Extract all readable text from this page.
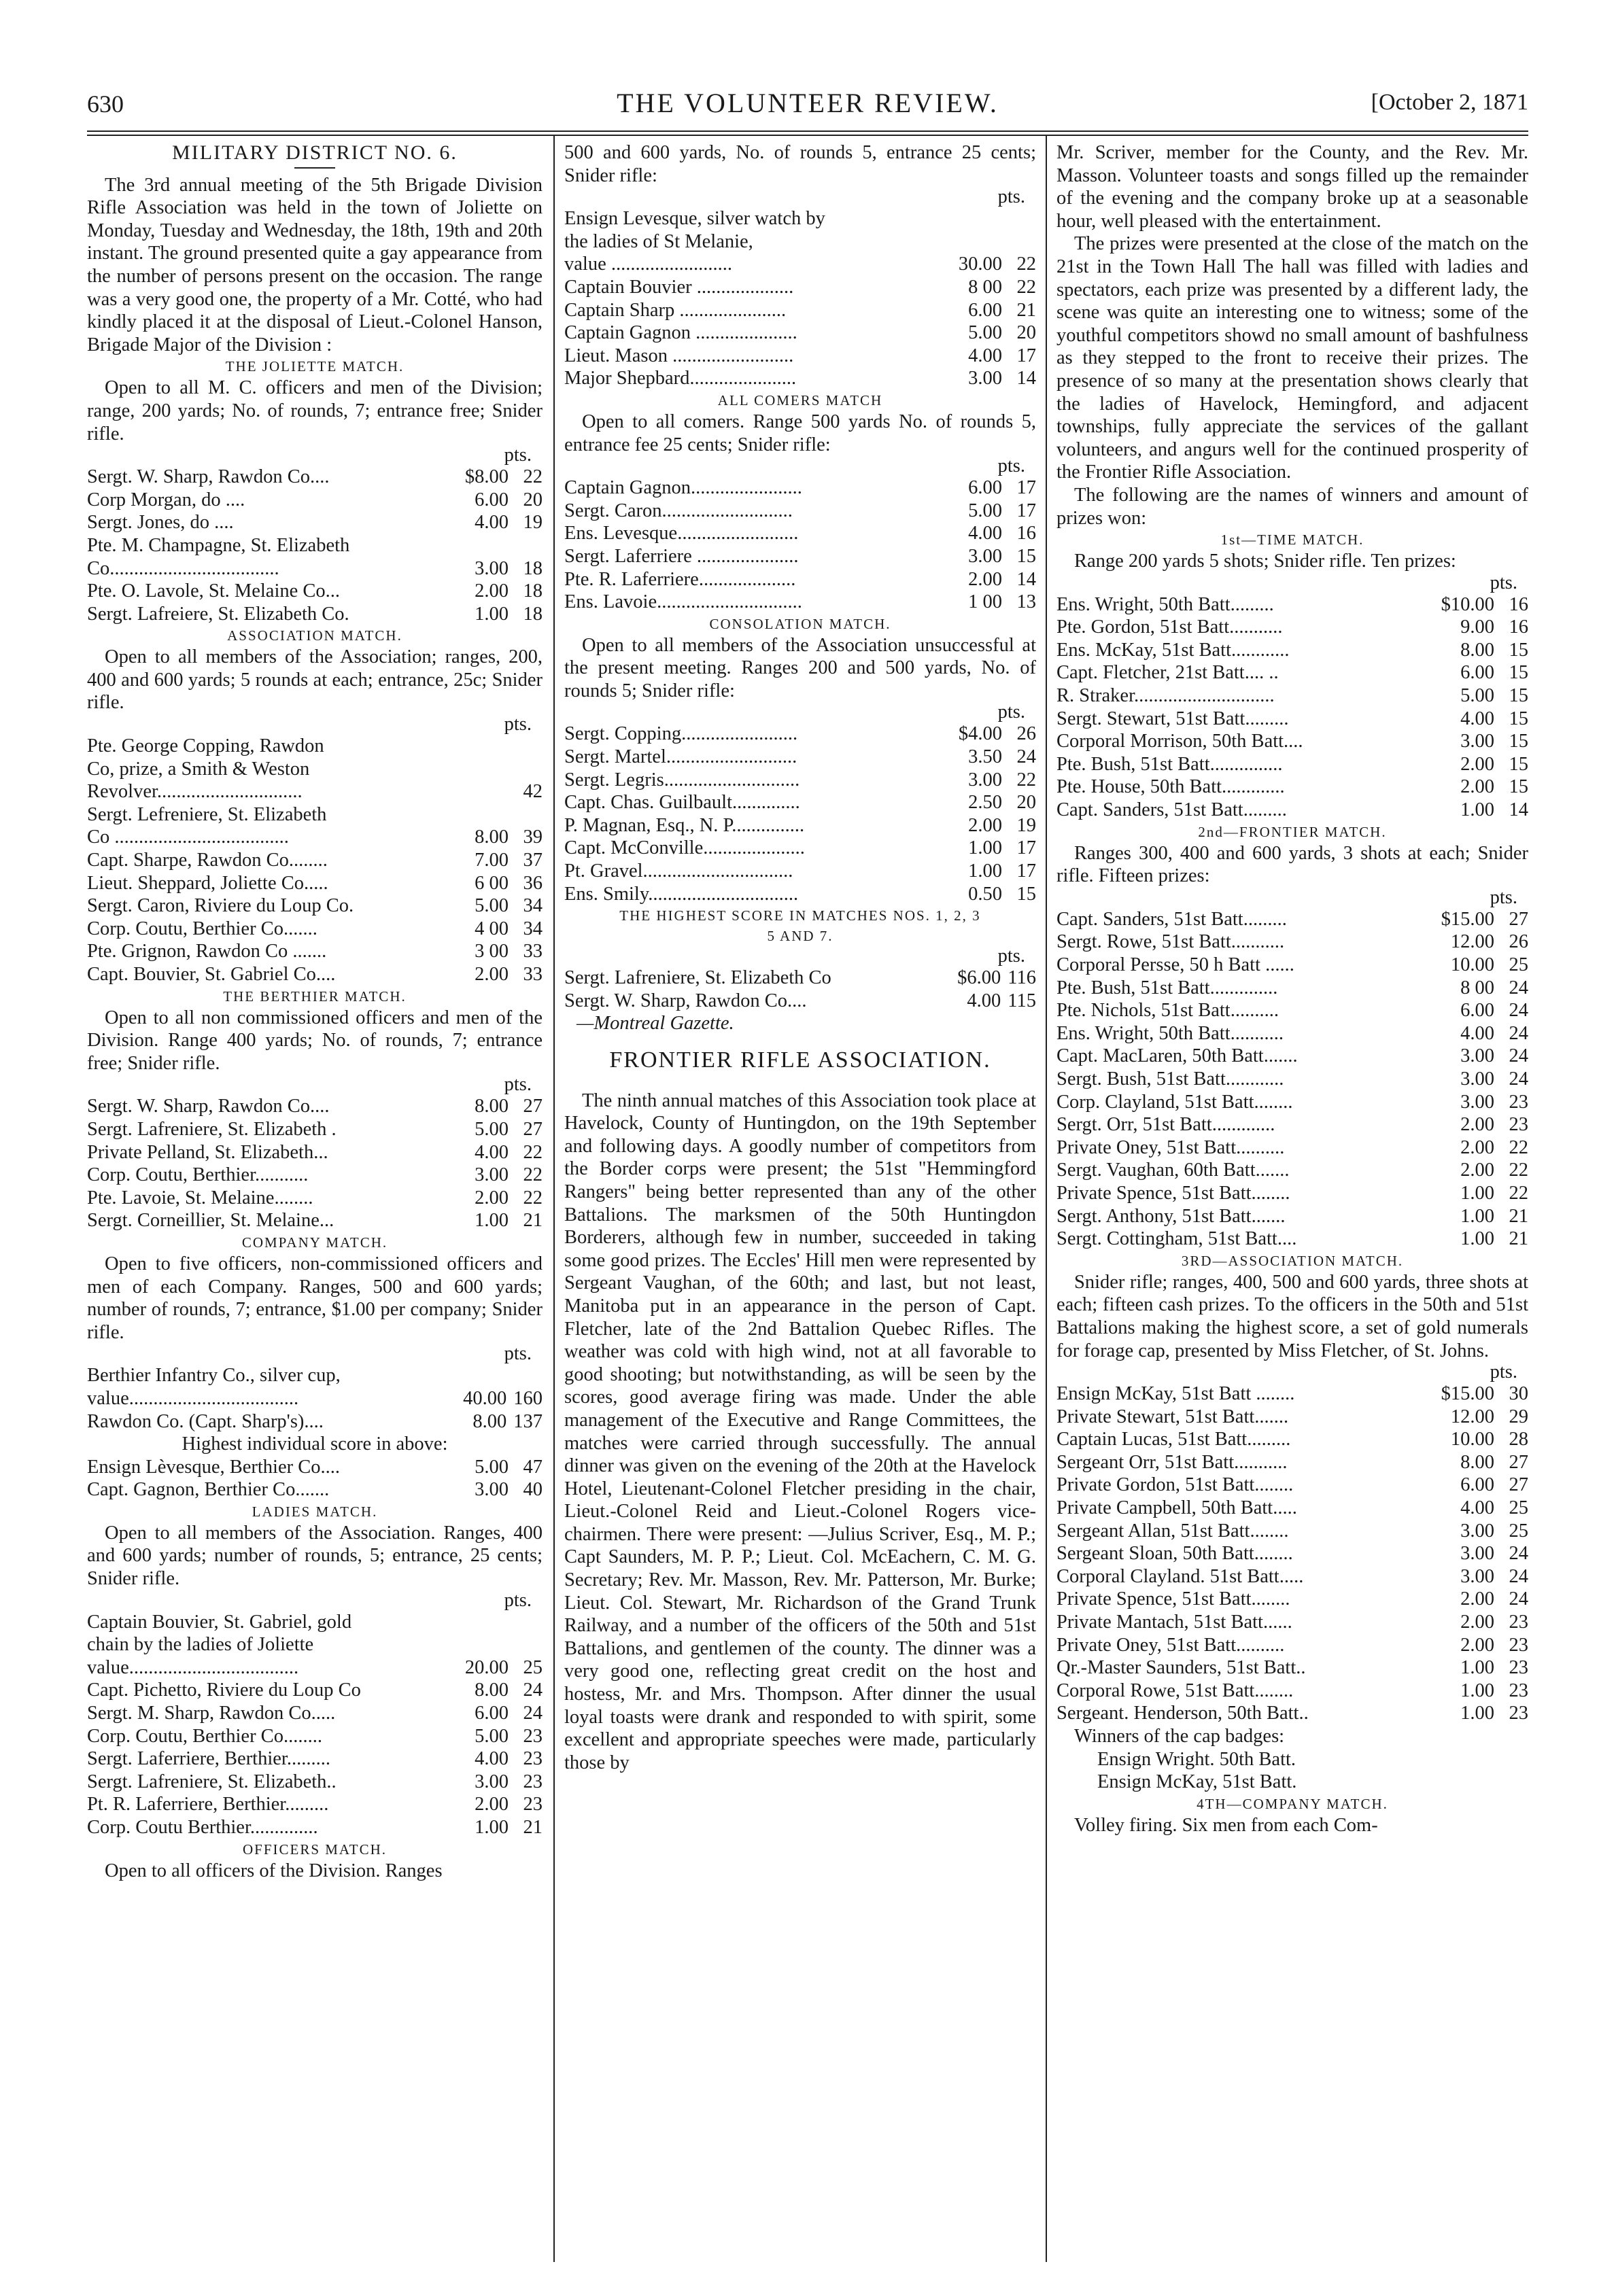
630	THE VOLUNTEER REVIEW.	[October 2, 1871
MILITARY DISTRICT NO. 6.

The 3rd annual meeting of the 5th Brigade Division Rifle Association was held in the town of Joliette on Monday, Tuesday and Wednesday, the 18th, 19th and 20th instant. The ground presented quite a gay appearance from the number of persons present on the occasion. The range was a very good one, the property of a Mr. Cotté, who had kindly placed it at the disposal of Lieut.-Colonel Hanson, Brigade Major of the Division :

THE JOLIETTE MATCH.

Open to all M. C. officers and men of the Division; range, 200 yards; No. of rounds, 7; entrance free; Snider rifle.

pts.
Sergt. W. Sharp, Rawdon Co....	$8.00	22
Corp Morgan, do ....	6.00	20
Sergt. Jones, do ....	4.00	19
Pte. M. Champagne, St. Elizabeth		
Co...................................	3.00	18
Pte. O. Lavole, St. Melaine Co...	2.00	18
Sergt. Lafreiere, St. Elizabeth Co.	1.00	18
ASSOCIATION MATCH.

Open to all members of the Association; ranges, 200, 400 and 600 yards; 5 rounds at each; entrance, 25c; Snider rifle.

pts.
Pte. George Copping, Rawdon		
Co, prize, a Smith & Weston		
Revolver..............................		42
Sergt. Lefreniere, St. Elizabeth		
Co ....................................	8.00	39
Capt. Sharpe, Rawdon Co........	7.00	37
Lieut. Sheppard, Joliette Co.....	6 00	36
Sergt. Caron, Riviere du Loup Co.	5.00	34
Corp. Coutu, Berthier Co.......	4 00	34
Pte. Grignon, Rawdon Co .......	3 00	33
Capt. Bouvier, St. Gabriel Co....	2.00	33
THE BERTHIER MATCH.

Open to all non commissioned officers and men of the Division. Range 400 yards; No. of rounds, 7; entrance free; Snider rifle.

pts.
Sergt. W. Sharp, Rawdon Co....	8.00	27
Sergt. Lafreniere, St. Elizabeth .	5.00	27
Private Pelland, St. Elizabeth...	4.00	22
Corp. Coutu, Berthier...........	3.00	22
Pte. Lavoie, St. Melaine........	2.00	22
Sergt. Corneillier, St. Melaine...	1.00	21
COMPANY MATCH.

Open to five officers, non-commissioned officers and men of each Company. Ranges, 500 and 600 yards; number of rounds, 7; entrance, $1.00 per company; Snider rifle.

pts.
Berthier Infantry Co., silver cup,		
value...................................	40.00	160
Rawdon Co. (Capt. Sharp's)....	8.00	137
Highest individual score in above:
Ensign Lèvesque, Berthier Co....	5.00	47
Capt. Gagnon, Berthier Co.......	3.00	40
LADIES MATCH.

Open to all members of the Association. Ranges, 400 and 600 yards; number of rounds, 5; entrance, 25 cents; Snider rifle.

pts.
Captain Bouvier, St. Gabriel, gold		
chain by the ladies of Joliette		
value...................................	20.00	25
Capt. Pichetto, Riviere du Loup Co	8.00	24
Sergt. M. Sharp, Rawdon Co.....	6.00	24
Corp. Coutu, Berthier Co........	5.00	23
Sergt. Laferriere, Berthier.........	4.00	23
Sergt. Lafreniere, St. Elizabeth..	3.00	23
Pt. R. Laferriere, Berthier.........	2.00	23
Corp. Coutu Berthier..............	1.00	21
OFFICERS MATCH.

Open to all officers of the Division. Ranges

500 and 600 yards, No. of rounds 5, entrance 25 cents; Snider rifle:

pts.
Ensign Levesque, silver watch by		
the ladies of St Melanie,		
value .........................	30.00	22
Captain Bouvier ....................	8 00	22
Captain Sharp ......................	6.00	21
Captain Gagnon .....................	5.00	20
Lieut. Mason .........................	4.00	17
Major Shepbard......................	3.00	14
ALL COMERS MATCH

Open to all comers. Range 500 yards No. of rounds 5, entrance fee 25 cents; Snider rifle:

pts.
Captain Gagnon.......................	6.00	17
Sergt. Caron...........................	5.00	17
Ens. Levesque.........................	4.00	16
Sergt. Laferriere .....................	3.00	15
Pte. R. Laferriere....................	2.00	14
Ens. Lavoie..............................	1 00	13
CONSOLATION MATCH.

Open to all members of the Association unsuccessful at the present meeting. Ranges 200 and 500 yards, No. of rounds 5; Snider rifle:

pts.
Sergt. Copping........................	$4.00	26
Sergt. Martel...........................	3.50	24
Sergt. Legris............................	3.00	22
Capt. Chas. Guilbault..............	2.50	20
P. Magnan, Esq., N. P...............	2.00	19
Capt. McConville.....................	1.00	17
Pt. Gravel...............................	1.00	17
Ens. Smily...............................	0.50	15
THE HIGHEST SCORE IN MATCHES NOS. 1, 2, 3
5 AND 7.
pts.
Sergt. Lafreniere, St. Elizabeth Co	$6.00	116
Sergt. W. Sharp, Rawdon Co....	4.00	115
—Montreal Gazette.
FRONTIER RIFLE ASSOCIATION.

The ninth annual matches of this Association took place at Havelock, County of Huntingdon, on the 19th September and following days. A goodly number of competitors from the Border corps were present; the 51st "Hemmingford Rangers" being better represented than any of the other Battalions. The marksmen of the 50th Huntingdon Borderers, although few in number, succeeded in taking some good prizes. The Eccles' Hill men were represented by Sergeant Vaughan, of the 60th; and last, but not least, Manitoba put in an appearance in the person of Capt. Fletcher, late of the 2nd Battalion Quebec Rifles. The weather was cold with high wind, not at all favorable to good shooting; but notwithstanding, as will be seen by the scores, good average firing was made. Under the able management of the Executive and Range Committees, the matches were carried through successfully. The annual dinner was given on the evening of the 20th at the Havelock Hotel, Lieutenant-Colonel Fletcher presiding in the chair, Lieut.-Colonel Reid and Lieut.-Colonel Rogers vice-chairmen. There were present: —Julius Scriver, Esq., M. P.; Capt Saunders, M. P. P.; Lieut. Col. McEachern, C. M. G. Secretary; Rev. Mr. Masson, Rev. Mr. Patterson, Mr. Burke; Lieut. Col. Stewart, Mr. Richardson of the Grand Trunk Railway, and a number of the officers of the 50th and 51st Battalions, and gentlemen of the county. The dinner was a very good one, reflecting great credit on the host and hostess, Mr. and Mrs. Thompson. After dinner the usual loyal toasts were drank and responded to with spirit, some excellent and appropriate speeches were made, particularly those by

Mr. Scriver, member for the County, and the Rev. Mr. Masson. Volunteer toasts and songs filled up the remainder of the evening and the company broke up at a seasonable hour, well pleased with the entertainment.

The prizes were presented at the close of the match on the 21st in the Town Hall The hall was filled with ladies and spectators, each prize was presented by a different lady, the scene was quite an interesting one to witness; some of the youthful competitors showd no small amount of bashfulness as they stepped to the front to receive their prizes. The presence of so many at the presentation shows clearly that the ladies of Havelock, Hemingford, and adjacent townships, fully appreciate the services of the gallant volunteers, and angurs well for the continued prosperity of the Frontier Rifle Association.

The following are the names of winners and amount of prizes won:

1st—TIME MATCH.

Range 200 yards 5 shots; Snider rifle. Ten prizes:

pts.
Ens. Wright, 50th Batt.........	$10.00	16
Pte. Gordon, 51st Batt...........	9.00	16
Ens. McKay, 51st Batt............	8.00	15
Capt. Fletcher, 21st Batt.... ..	6.00	15
R. Straker.............................	5.00	15
Sergt. Stewart, 51st Batt.........	4.00	15
Corporal Morrison, 50th Batt....	3.00	15
Pte. Bush, 51st Batt...............	2.00	15
Pte. House, 50th Batt.............	2.00	15
Capt. Sanders, 51st Batt.........	1.00	14
2nd—FRONTIER MATCH.

Ranges 300, 400 and 600 yards, 3 shots at each; Snider rifle. Fifteen prizes:

pts.
Capt. Sanders, 51st Batt.........	$15.00	27
Sergt. Rowe, 51st Batt...........	12.00	26
Corporal Persse, 50 h Batt ......	10.00	25
Pte. Bush, 51st Batt..............	8 00	24
Pte. Nichols, 51st Batt..........	6.00	24
Ens. Wright, 50th Batt...........	4.00	24
Capt. MacLaren, 50th Batt.......	3.00	24
Sergt. Bush, 51st Batt............	3.00	24
Corp. Clayland, 51st Batt........	3.00	23
Sergt. Orr, 51st Batt.............	2.00	23
Private Oney, 51st Batt..........	2.00	22
Sergt. Vaughan, 60th Batt.......	2.00	22
Private Spence, 51st Batt........	1.00	22
Sergt. Anthony, 51st Batt.......	1.00	21
Sergt. Cottingham, 51st Batt....	1.00	21
3RD—ASSOCIATION MATCH.

Snider rifle; ranges, 400, 500 and 600 yards, three shots at each; fifteen cash prizes. To the officers in the 50th and 51st Battalions making the highest score, a set of gold numerals for forage cap, presented by Miss Fletcher, of St. Johns.

pts.
Ensign McKay, 51st Batt ........	$15.00	30
Private Stewart, 51st Batt.......	12.00	29
Captain Lucas, 51st Batt.........	10.00	28
Sergeant Orr, 51st Batt...........	8.00	27
Private Gordon, 51st Batt........	6.00	27
Private Campbell, 50th Batt.....	4.00	25
Sergeant Allan, 51st Batt........	3.00	25
Sergeant Sloan, 50th Batt........	3.00	24
Corporal Clayland. 51st Batt.....	3.00	24
Private Spence, 51st Batt........	2.00	24
Private Mantach, 51st Batt......	2.00	23
Private Oney, 51st Batt..........	2.00	23
Qr.-Master Saunders, 51st Batt..	1.00	23
Corporal Rowe, 51st Batt........	1.00	23
Sergeant. Henderson, 50th Batt..	1.00	23
Winners of the cap badges:
Ensign Wright. 50th Batt.
Ensign McKay, 51st Batt.
4TH—COMPANY MATCH.

Volley firing. Six men from each Com-
